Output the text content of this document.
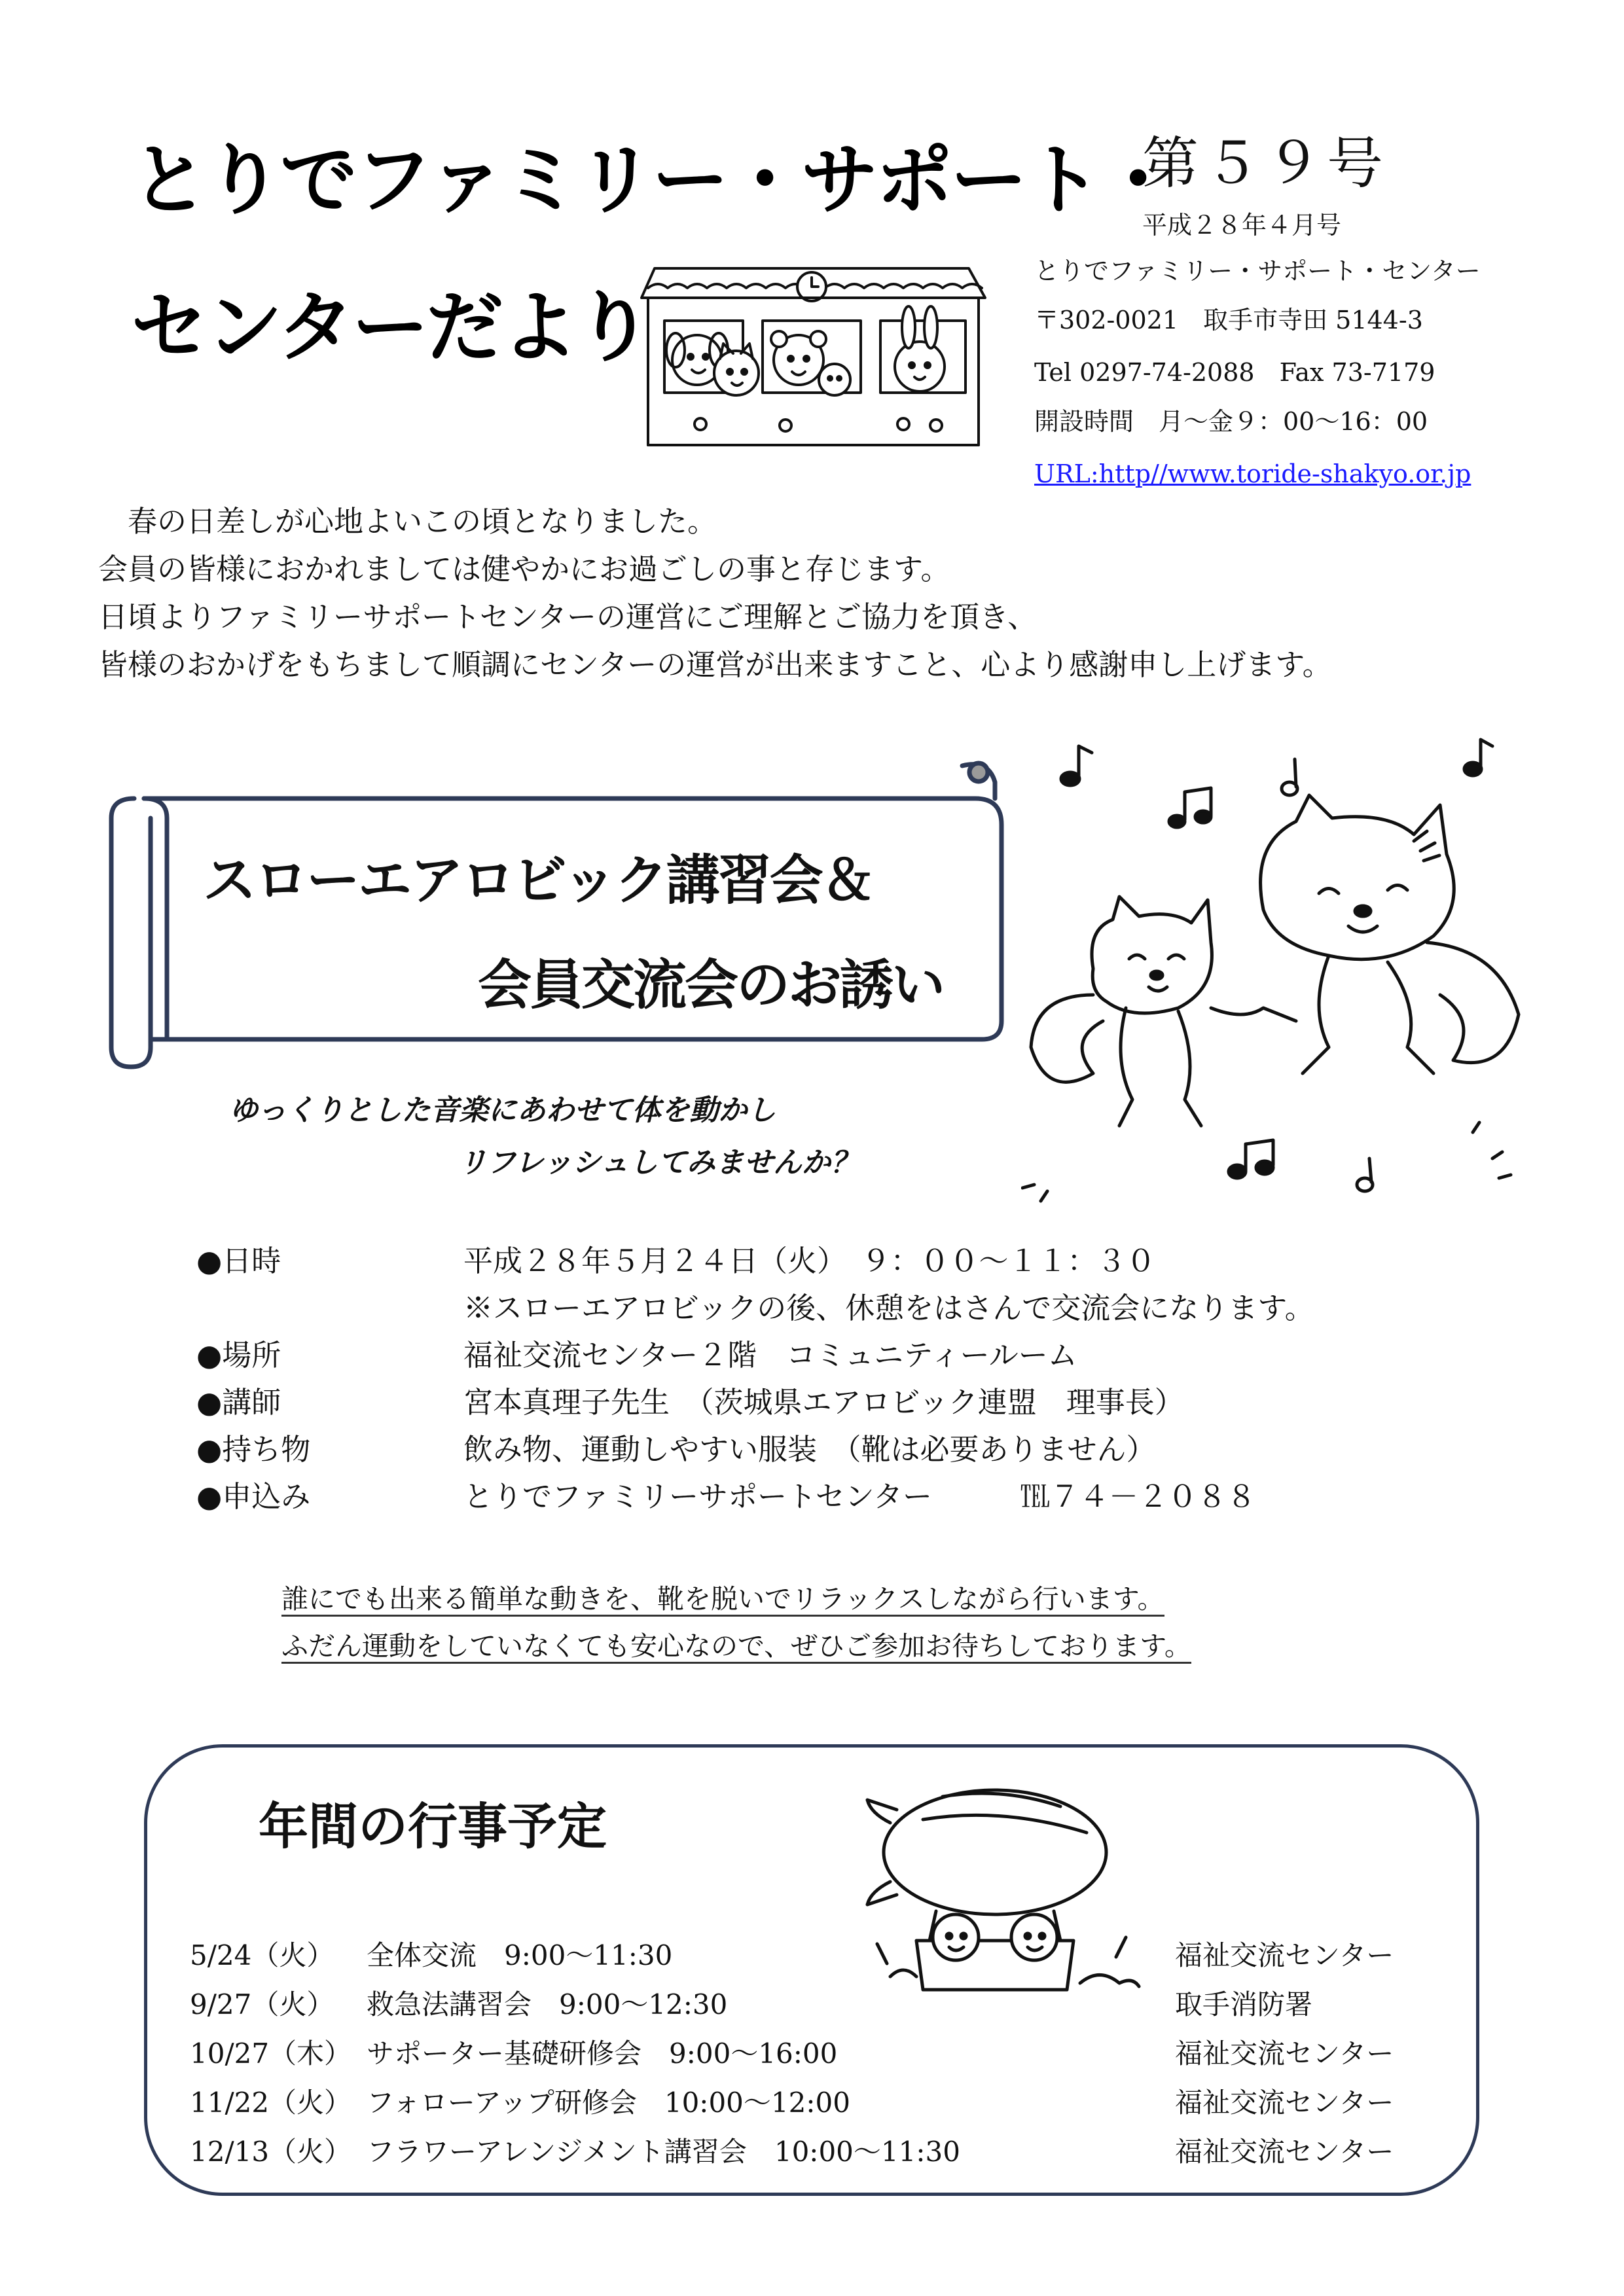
とりでファミリー・サポート・
センターだより
第５９号
平成２８年４月号
とりでファミリー・サポート・センター
〒302-0021　取手市寺田 5144-3
Tel 0297-74-2088　Fax 73-7179
開設時間　月～金９：00～16：00
URL:http//www.toride-shakyo.or.jp
　春の日差しが心地よいこの頃となりました。
会員の皆様におかれましては健やかにお過ごしの事と存じます。
日頃よりファミリーサポートセンターの運営にご理解とご協力を頂き、
皆様のおかげをもちまして順調にセンターの運営が出来ますこと、心より感謝申し上げます。
スローエアロビック講習会＆
会員交流会のお誘い
ゆっくりとした音楽にあわせて体を動かし
リフレッシュしてみませんか？
●日時	平成２８年５月２４日（火）　９：００～１１：３０
※スローエアロビックの後、休憩をはさんで交流会になります。
●場所	福祉交流センター２階　コミュニティールーム
●講師	宮本真理子先生　（茨城県エアロビック連盟　理事長）
●持ち物	飲み物、運動しやすい服装　（靴は必要ありません）
●申込み	とりでファミリーサポートセンター　　　℡７４－２０８８
誰にでも出来る簡単な動きを、靴を脱いでリラックスしながら行います。
ふだん運動をしていなくても安心なので、ぜひご参加お待ちしております。
年間の行事予定
5/24（火） 全体交流　9:00～11:30	福祉交流センター
9/27（火） 救急法講習会　9:00～12:30	取手消防署
10/27（木） サポーター基礎研修会　9:00～16:00	福祉交流センター
11/22（火） フォローアップ研修会　10:00～12:00	福祉交流センター
12/13（火） フラワーアレンジメント講習会　10:00～11:30	福祉交流センター
